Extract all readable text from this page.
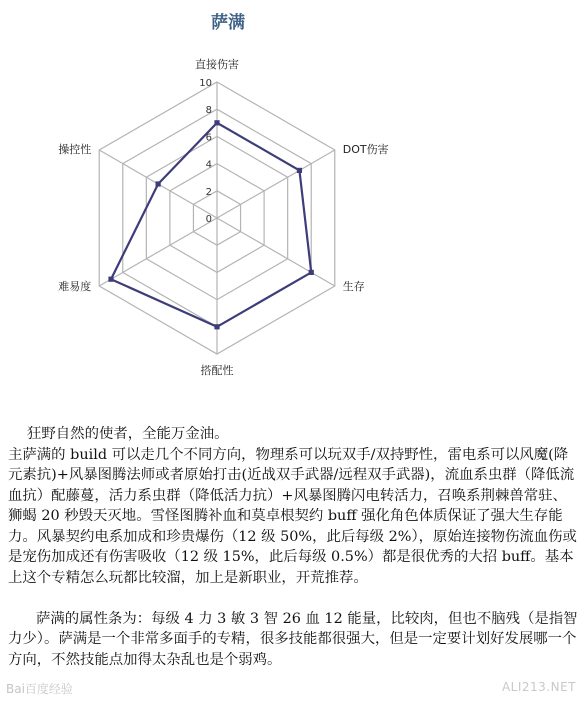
萨满
0
2
4
6
8
10
直接伤害
DOT伤害
生存
搭配性
难易度
操控性

狂野自然的使者，全能万金油。

主萨满的 build 可以走几个不同方向，物理系可以玩双手/双持野性，雷电系可以风魔(降元素抗)+风暴图腾法师或者原始打击(近战双手武器/远程双手武器)，流血系虫群（降低流血抗）配藤蔓，活力系虫群（降低活力抗）+风暴图腾闪电转活力，召唤系荆棘兽常驻、狮蝎 20 秒毁天灭地。雪怪图腾补血和莫卓根契约 buff 强化角色体质保证了强大生存能力。风暴契约电系加成和珍贵爆伤（12 级 50%，此后每级 2%），原始连接物伤流血伤或是宠伤加成还有伤害吸收（12 级 15%，此后每级 0.5%）都是很优秀的大招 buff。基本上这个专精怎么玩都比较溜，加上是新职业，开荒推荐。

萨满的属性条为：每级 4 力 3 敏 3 智 26 血 12 能量，比较肉，但也不脑残（是指智力少）。萨满是一个非常多面手的专精，很多技能都很强大，但是一定要计划好发展哪一个方向，不然技能点加得太杂乱也是个弱鸡。

Bai百度经验	ALI213.NET
